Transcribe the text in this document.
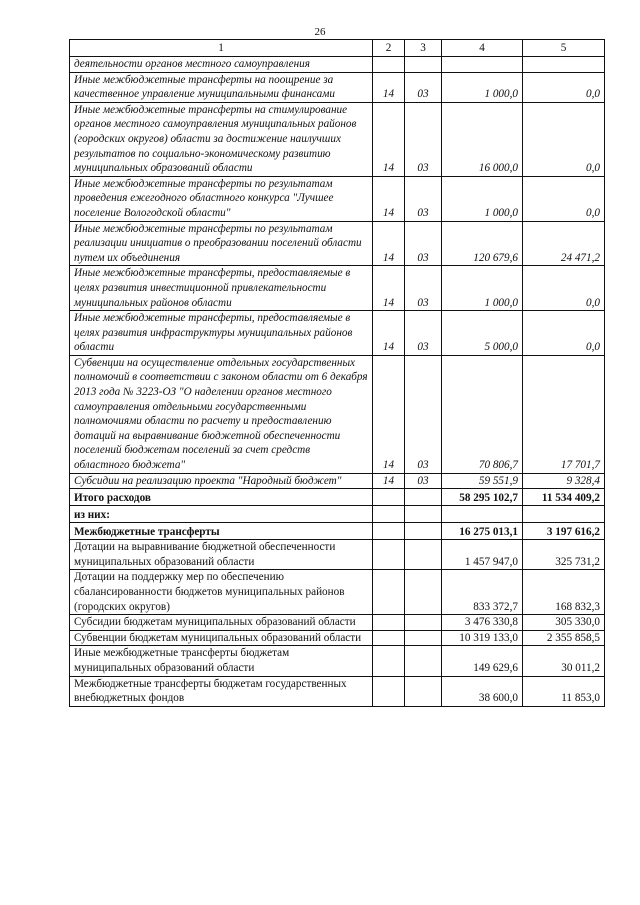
26
1	2	3	4	5
деятельности органов местного самоуправления				
Иные межбюджетные трансферты на поощрение за качественное управление муниципальными финансами	14	03	1 000,0	0,0
Иные межбюджетные трансферты на стимулирование органов местного самоуправления муниципальных районов (городских округов) области за достижение наилучших результатов по социально-экономическому развитию муниципальных образований области	14	03	16 000,0	0,0
Иные межбюджетные трансферты по результатам проведения ежегодного областного конкурса "Лучшее поселение Вологодской области"	14	03	1 000,0	0,0
Иные межбюджетные трансферты по результатам реализации инициатив о преобразовании поселений области путем их объединения	14	03	120 679,6	24 471,2
Иные межбюджетные трансферты, предоставляемые в целях развития инвестиционной привлекательности муниципальных районов области	14	03	1 000,0	0,0
Иные межбюджетные трансферты, предоставляемые в целях развития инфраструктуры муниципальных районов области	14	03	5 000,0	0,0
Субвенции на осуществление отдельных государственных полномочий в соответствии с законом области от 6 декабря 2013 года № 3223-ОЗ "О наделении органов местного самоуправления отдельными государственными полномочиями области по расчету и предоставлению дотаций на выравнивание бюджетной обеспеченности поселений бюджетам поселений за счет средств областного бюджета"	14	03	70 806,7	17 701,7
Субсидии на реализацию проекта "Народный бюджет"	14	03	59 551,9	9 328,4
Итого расходов			58 295 102,7	11 534 409,2
из них:				
Межбюджетные трансферты			16 275 013,1	3 197 616,2
Дотации на выравнивание бюджетной обеспеченности муниципальных образований области			1 457 947,0	325 731,2
Дотации на поддержку мер по обеспечению сбалансированности бюджетов муниципальных районов (городских округов)			833 372,7	168 832,3
Субсидии бюджетам муниципальных образований области			3 476 330,8	305 330,0
Субвенции бюджетам муниципальных образований области			10 319 133,0	2 355 858,5
Иные межбюджетные трансферты бюджетам муниципальных образований области			149 629,6	30 011,2
Межбюджетные трансферты бюджетам государственных внебюджетных фондов			38 600,0	11 853,0
